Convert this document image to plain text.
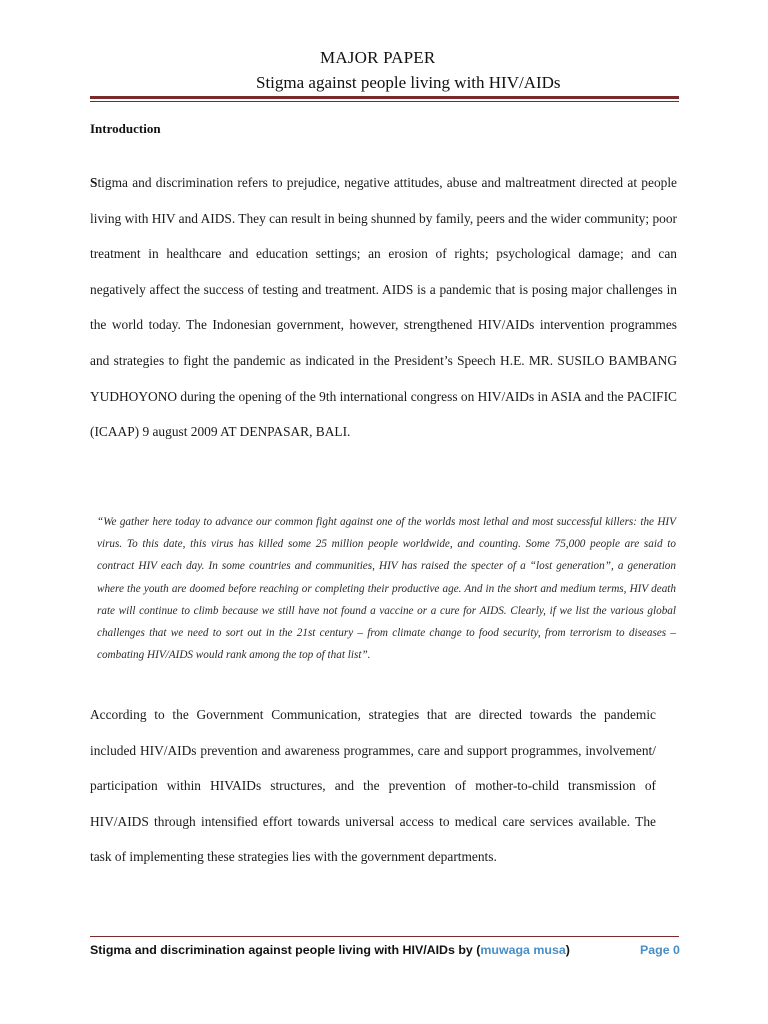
MAJOR PAPER
Stigma against people living with HIV/AIDs
Introduction

Stigma and discrimination refers to prejudice, negative attitudes, abuse and maltreatment directed at people living with HIV and AIDS. They can result in being shunned by family, peers and the wider community; poor treatment in healthcare and education settings; an erosion of rights; psychological damage; and can negatively affect the success of testing and treatment. AIDS is a pandemic that is posing major challenges in the world today. The Indonesian government, however, strengthened HIV/AIDs intervention programmes and strategies to fight the pandemic as indicated in the President’s Speech H.E. MR. SUSILO BAMBANG YUDHOYONO during the opening of the 9th international congress on HIV/AIDs in ASIA and the PACIFIC (ICAAP) 9 august 2009 AT DENPASAR, BALI.

“We gather here today to advance our common fight against one of the worlds most lethal and most successful killers: the HIV virus. To this date, this virus has killed some 25 million people worldwide, and counting. Some 75,000 people are said to contract HIV each day. In some countries and communities, HIV has raised the specter of a “lost generation”, a generation where the youth are doomed before reaching or completing their productive age. And in the short and medium terms, HIV death rate will continue to climb because we still have not found a vaccine or a cure for AIDS. Clearly, if we list the various global challenges that we need to sort out in the 21st century – from climate change to food security, from terrorism to diseases – combating HIV/AIDS would rank among the top of that list”.

According to the Government Communication, strategies that are directed towards the pandemic included HIV/AIDs prevention and awareness programmes, care and support programmes, involvement/ participation within HIVAIDs structures, and the prevention of mother-to-child transmission of HIV/AIDS through intensified effort towards universal access to medical care services available. The task of implementing these strategies lies with the government departments.

Stigma and discrimination against people living with HIV/AIDs by (muwaga musa)	Page 0
